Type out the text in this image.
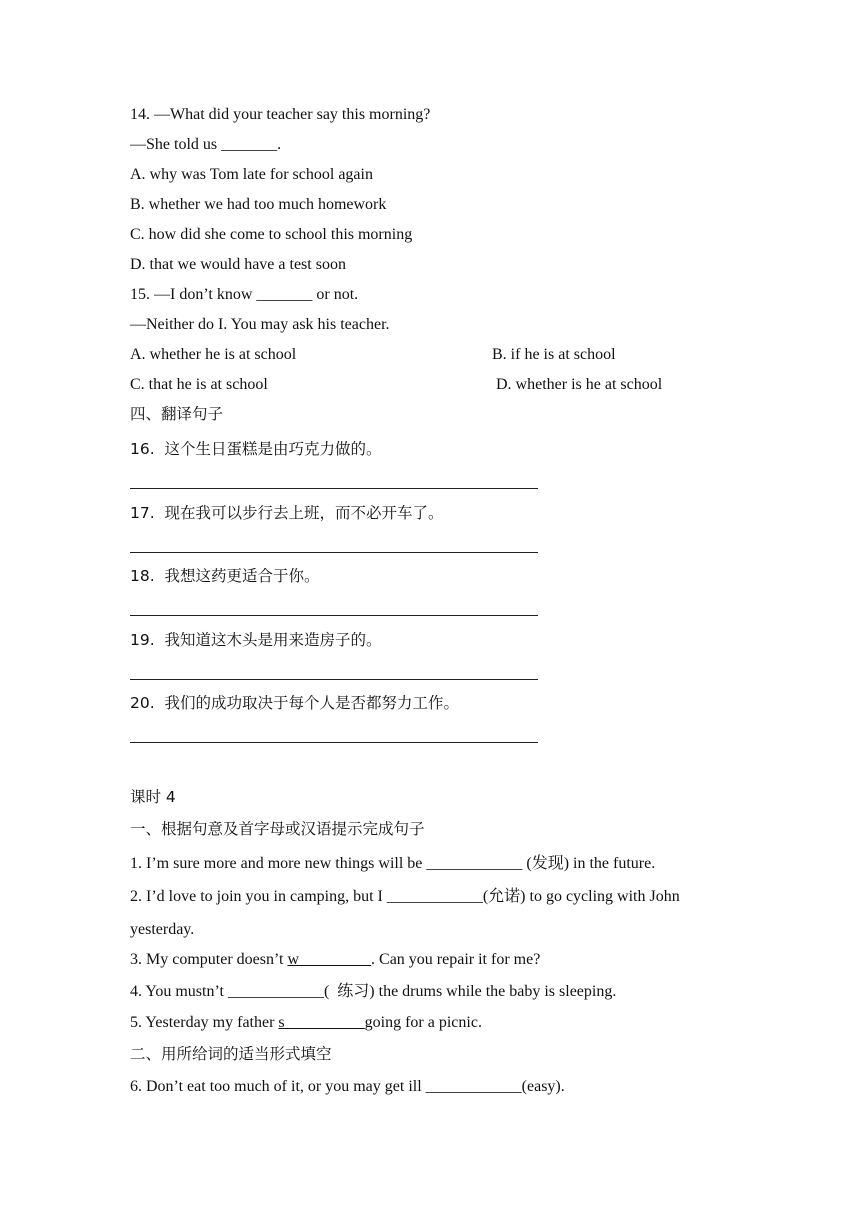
14. —What did your teacher say this morning?
—She told us _______.
A. why was Tom late for school again
B. whether we had too much homework
C. how did she come to school this morning
D. that we would have a test soon
15. —I don’t know _______ or not.
—Neither do I. You may ask his teacher.
A. whether he is at school	B. if he is at school
C. that he is at school	D. whether is he at school
四、翻译句子
16.  这个生日蛋糕是由巧克力做的。
17.  现在我可以步行去上班，而不必开车了。
18.  我想这药更适合于你。
19.  我知道这木头是用来造房子的。
20.  我们的成功取决于每个人是否都努力工作。
课时 4
一、根据句意及首字母或汉语提示完成句子
1. I’m sure more and more new things will be ____________ (发现) in the future.
2. I’d love to join you in camping, but I ____________(允诺) to go cycling with John
yesterday.
3. My computer doesn’t w_________. Can you repair it for me?
4. You mustn’t ____________(  练习) the drums while the baby is sleeping.
5. Yesterday my father s__________going for a picnic.
二、用所给词的适当形式填空
6. Don’t eat too much of it, or you may get ill ____________(easy).
